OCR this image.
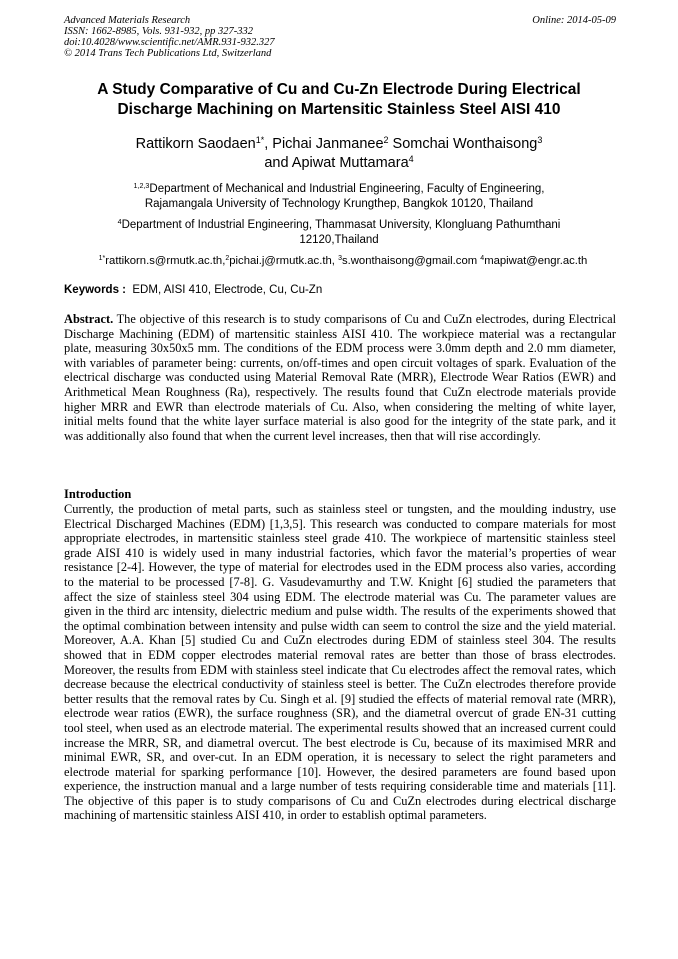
Advanced Materials Research
ISSN: 1662-8985, Vols. 931-932, pp 327-332
doi:10.4028/www.scientific.net/AMR.931-932.327
© 2014 Trans Tech Publications Ltd, Switzerland
Online: 2014-05-09
A Study Comparative of Cu and Cu-Zn Electrode During Electrical
Discharge Machining on Martensitic Stainless Steel AISI 410
Rattikorn Saodaen$^{1*}$, Pichai Janmanee$^2$ Somchai Wonthaisong$^3$
and Apiwat Muttamara$^4$
$^{1,2,3}$Department of Mechanical and Industrial Engineering, Faculty of Engineering,
Rajamangala University of Technology Krungthep, Bangkok 10120, Thailand
$^4$Department of Industrial Engineering, Thammasat University, Klongluang Pathumthani
12120,Thailand
$^{1*}$rattikorn.s@rmutk.ac.th,$^2$pichai.j@rmutk.ac.th, $^3$s.wonthaisong@gmail.com $^4$mapiwat@engr.ac.th
Keywords : EDM, AISI 410, Electrode, Cu, Cu-Zn
Abstract. The objective of this research is to study comparisons of Cu and CuZn electrodes, during Electrical Discharge Machining (EDM) of martensitic stainless AISI 410. The workpiece material was a rectangular plate, measuring 30x50x5 mm. The conditions of the EDM process were 3.0mm depth and 2.0 mm diameter, with variables of parameter being: currents, on/off-times and open circuit voltages of spark. Evaluation of the electrical discharge was conducted using Material Removal Rate (MRR), Electrode Wear Ratios (EWR) and Arithmetical Mean Roughness (Ra), respectively. The results found that CuZn electrode materials provide higher MRR and EWR than electrode materials of Cu. Also, when considering the melting of white layer, initial melts found that the white layer surface material is also good for the integrity of the state park, and it was additionally also found that when the current level increases, then that will rise accordingly.
Introduction
Currently, the production of metal parts, such as stainless steel or tungsten, and the moulding industry, use Electrical Discharged Machines (EDM) [1,3,5]. This research was conducted to compare materials for most appropriate electrodes, in martensitic stainless steel grade 410. The workpiece of martensitic stainless steel grade AISI 410 is widely used in many industrial factories, which favor the material’s properties of wear resistance [2-4]. However, the type of material for electrodes used in the EDM process also varies, according to the material to be processed [7-8]. G. Vasudevamurthy and T.W. Knight [6] studied the parameters that affect the size of stainless steel 304 using EDM. The electrode material was Cu. The parameter values are given in the third arc intensity, dielectric medium and pulse width. The results of the experiments showed that the optimal combination between intensity and pulse width can seem to control the size and the yield material. Moreover, A.A. Khan [5] studied Cu and CuZn electrodes during EDM of stainless steel 304. The results showed that in EDM copper electrodes material removal rates are better than those of brass electrodes. Moreover, the results from EDM with stainless steel indicate that Cu electrodes affect the removal rates, which decrease because the electrical conductivity of stainless steel is better. The CuZn electrodes therefore provide better results that the removal rates by Cu. Singh et al. [9] studied the effects of material removal rate (MRR), electrode wear ratios (EWR), the surface roughness (SR), and the diametral overcut of grade EN-31 cutting tool steel, when used as an electrode material. The experimental results showed that an increased current could increase the MRR, SR, and diametral overcut. The best electrode is Cu, because of its maximised MRR and minimal EWR, SR, and over-cut. In an EDM operation, it is necessary to select the right parameters and electrode material for sparking performance [10]. However, the desired parameters are found based upon experience, the instruction manual and a large number of tests requiring considerable time and materials [11]. The objective of this paper is to study comparisons of Cu and CuZn electrodes during electrical discharge machining of martensitic stainless AISI 410, in order to establish optimal parameters.
